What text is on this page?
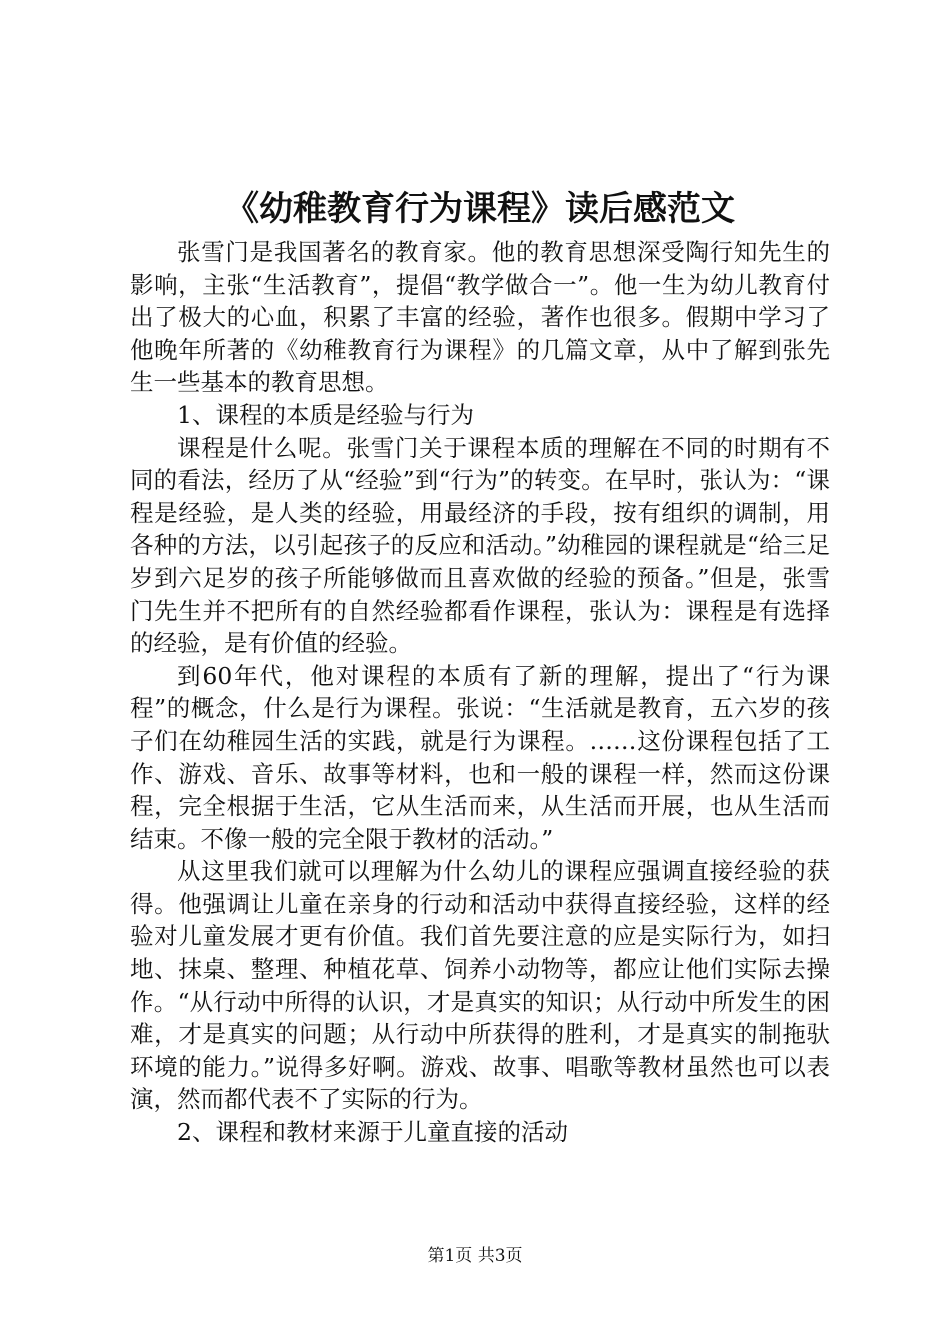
《幼稚教育行为课程》读后感范文

张雪门是我国著名的教育家。他的教育思想深受陶行知先生的影响，主张“生活教育”，提倡“教学做合一”。他一生为幼儿教育付出了极大的心血，积累了丰富的经验，著作也很多。假期中学习了他晚年所著的《幼稚教育行为课程》的几篇文章，从中了解到张先生一些基本的教育思想。

1、课程的本质是经验与行为

课程是什么呢。张雪门关于课程本质的理解在不同的时期有不同的看法，经历了从“经验”到“行为”的转变。在早时，张认为：“课程是经验，是人类的经验，用最经济的手段，按有组织的调制，用各种的方法，以引起孩子的反应和活动。”幼稚园的课程就是“给三足岁到六足岁的孩子所能够做而且喜欢做的经验的预备。”但是，张雪门先生并不把所有的自然经验都看作课程，张认为：课程是有选择的经验，是有价值的经验。

到60年代，他对课程的本质有了新的理解，提出了“行为课程”的概念，什么是行为课程。张说：“生活就是教育，五六岁的孩子们在幼稚园生活的实践，就是行为课程。……这份课程包括了工作、游戏、音乐、故事等材料，也和一般的课程一样，然而这份课程，完全根据于生活，它从生活而来，从生活而开展，也从生活而结束。不像一般的完全限于教材的活动。”

从这里我们就可以理解为什么幼儿的课程应强调直接经验的获得。他强调让儿童在亲身的行动和活动中获得直接经验，这样的经验对儿童发展才更有价值。我们首先要注意的应是实际行为，如扫地、抹桌、整理、种植花草、饲养小动物等，都应让他们实际去操作。“从行动中所得的认识，才是真实的知识；从行动中所发生的困难，才是真实的问题；从行动中所获得的胜利，才是真实的制拖驮环境的能力。”说得多好啊。游戏、故事、唱歌等教材虽然也可以表演，然而都代表不了实际的行为。

2、课程和教材来源于儿童直接的活动

第1页 共3页
